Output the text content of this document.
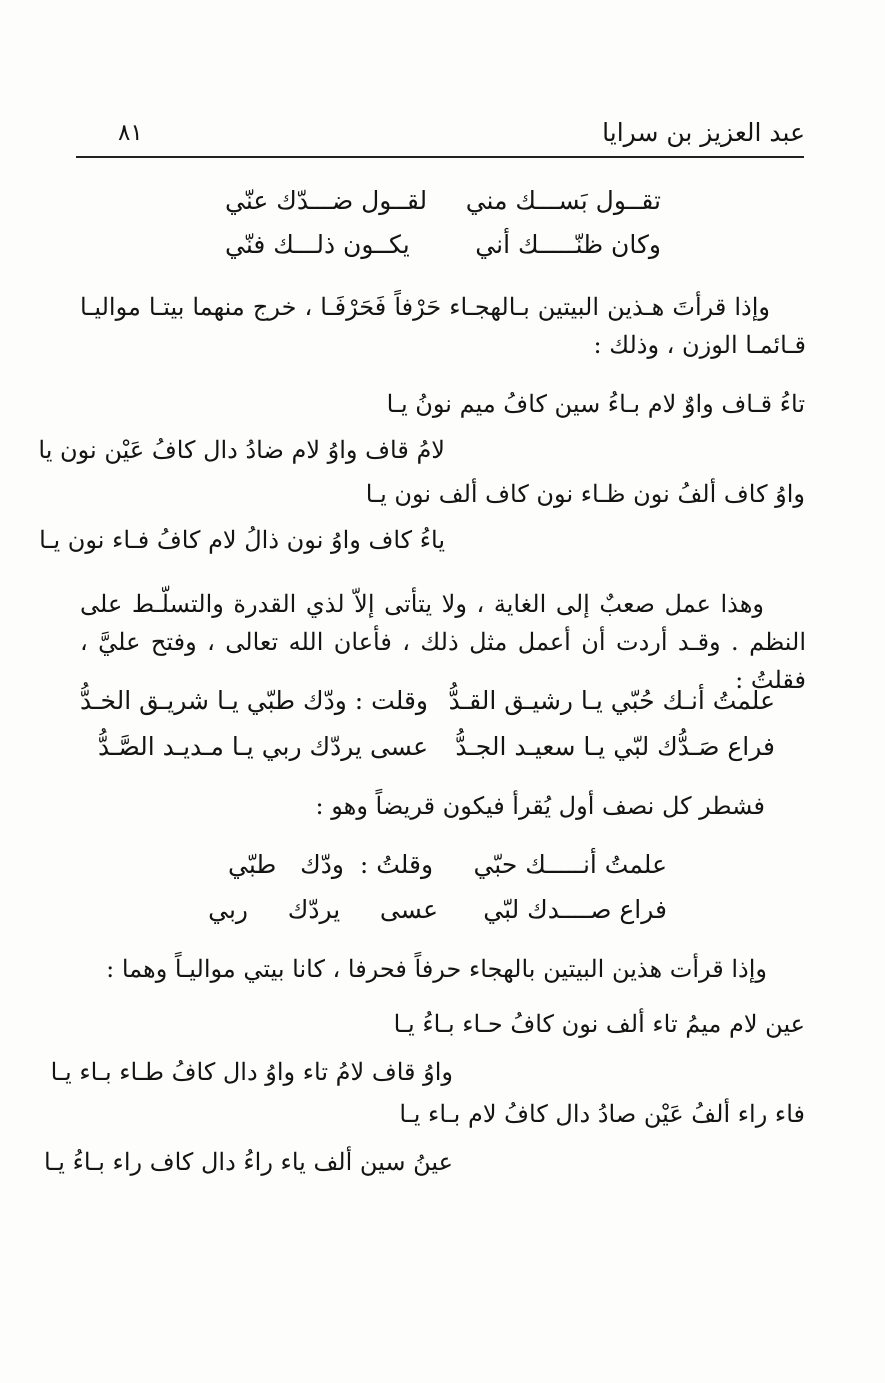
عبد العزيز بن سرايا
٨١
تقــول بَســـك مني
لقــول ضـــدّك عنّي
وكان ظنّـــــك أني
يكــون ذلـــك فنّي
وإذا قرأتَ هـذين البيتين بـالهجـاء حَرْفاً فَحَرْفَـا ، خرج منهما بيتـا مواليـا قـائمـا الوزن ، وذلك :
تاءُ قـاف واوٌ لام بـاءُ سين كافُ ميم نونُ يـا
لامُ قاف واوُ لام ضادُ دال كافُ عَيْن نون يا
واوُ كاف ألفُ نون ظـاء نون كاف ألف نون يـا
ياءُ كاف واوُ نون ذالُ لام كافُ فـاء نون يـا
وهذا عمل صعبٌ إلى الغاية ، ولا يتأتى إلاّ لذي القدرة والتسلّـط على النظم . وقـد أردت أن أعمل مثل ذلك ، فأعان الله تعالى ، وفتح عليَّ ، فقلتُ :
علمتُ أنـك حُبّي يـا رشيـق القـدُّ
وقلت : ودّك طبّي يـا شريـق الخـدُّ
فراع صَـدُّك لبّي يـا سعيـد الجـدُّ
عسى يردّك ربي يـا مـديـد الصَّـدُّ
فشطر كل نصف أول يُقرأ فيكون قريضاً وهو :
علمتُ أنـــــك حبّي
وقلتُ :  ودّك   طبّي
فراع صــــدك لبّي
عسى     يردّك     ربي
وإذا قرأت هذين البيتين بالهجاء حرفاً فحرفا ، كانا بيتي مواليـاً وهما :
عين لام ميمُ تاء ألف نون كافُ حـاء بـاءُ يـا
واوُ قاف لامُ تاء واوُ دال كافُ طـاء بـاء يـا
فاء راء ألفُ عَيْن صادُ دال كافُ لام بـاء يـا
عينُ سين ألف ياء راءُ دال كاف راء بـاءُ يـا
